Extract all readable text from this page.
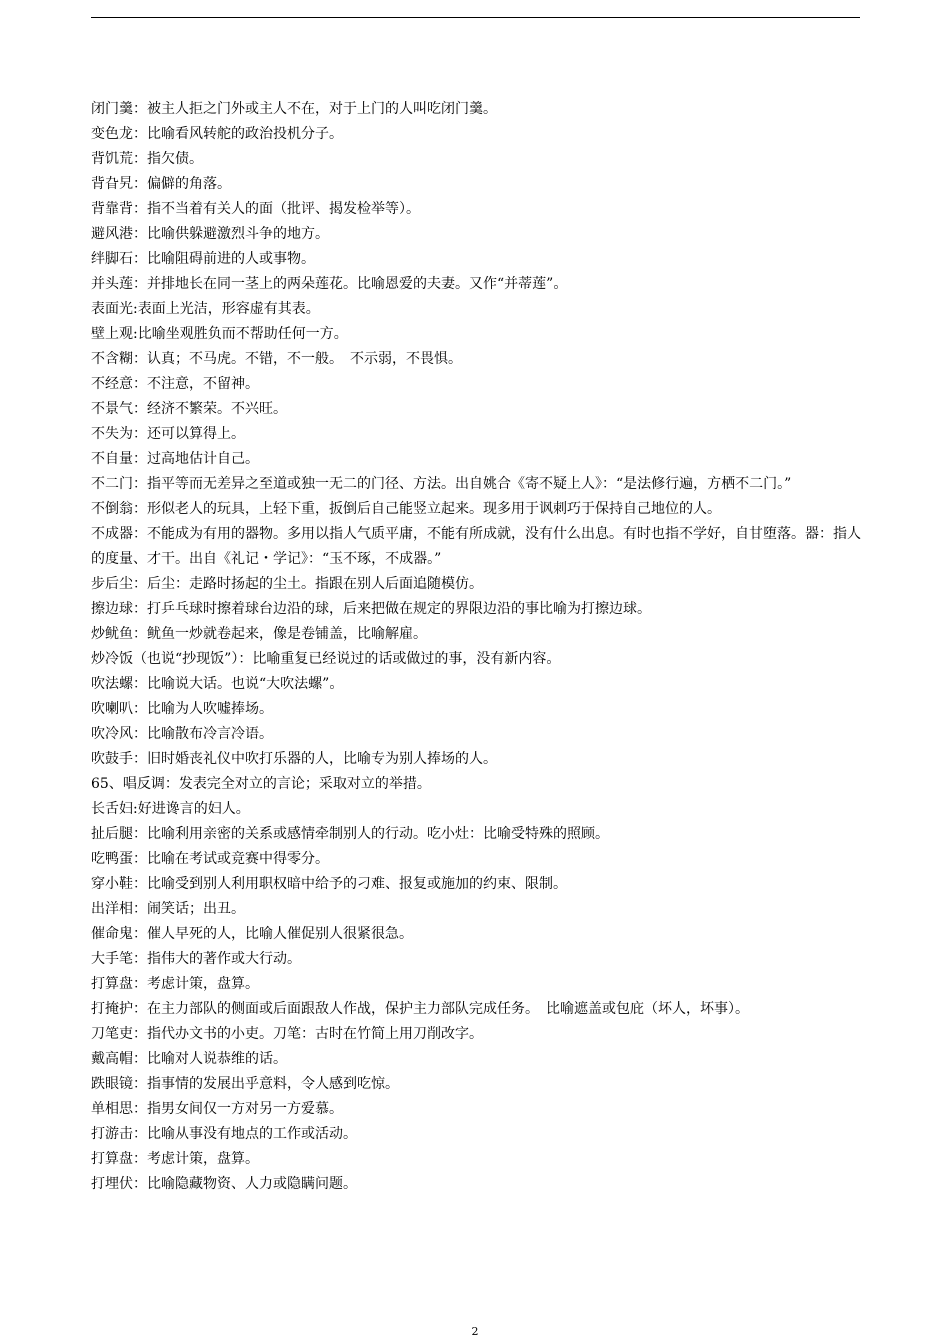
闭门羹：被主人拒之门外或主人不在，对于上门的人叫吃闭门羹。
变色龙：比喻看风转舵的政治投机分子。
背饥荒：指欠债。
背旮旯：偏僻的角落。
背靠背：指不当着有关人的面（批评、揭发检举等）。
避风港：比喻供躲避激烈斗争的地方。
绊脚石：比喻阻碍前进的人或事物。
并头莲：并排地长在同一茎上的两朵莲花。比喻恩爱的夫妻。又作“并蒂莲”。
表面光:表面上光洁，形容虚有其表。
壁上观:比喻坐观胜负而不帮助任何一方。
不含糊：认真；不马虎。不错，不一般。　不示弱，不畏惧。
不经意：不注意，不留神。
不景气：经济不繁荣。不兴旺。
不失为：还可以算得上。
不自量：过高地估计自己。
不二门：指平等而无差异之至道或独一无二的门径、方法。出自姚合《寄不疑上人》：“是法修行遍，方栖不二门。”
不倒翁：形似老人的玩具，上轻下重，扳倒后自己能竖立起来。现多用于讽刺巧于保持自己地位的人。
不成器：不能成为有用的器物。多用以指人气质平庸，不能有所成就，没有什么出息。有时也指不学好，自甘堕落。器：指人的度量、才干。出自《礼记・学记》：“玉不琢，不成器。”
步后尘：后尘：走路时扬起的尘土。指跟在别人后面追随模仿。
擦边球：打乒乓球时擦着球台边沿的球，后来把做在规定的界限边沿的事比喻为打擦边球。
炒鱿鱼：鱿鱼一炒就卷起来，像是卷铺盖，比喻解雇。
炒冷饭（也说“抄现饭”）：比喻重复已经说过的话或做过的事，没有新内容。
吹法螺：比喻说大话。也说“大吹法螺”。
吹喇叭：比喻为人吹嘘捧场。
吹冷风：比喻散布冷言冷语。
吹鼓手：旧时婚丧礼仪中吹打乐器的人，比喻专为别人捧场的人。
65、唱反调：发表完全对立的言论；采取对立的举措。
长舌妇:好进谗言的妇人。
扯后腿：比喻利用亲密的关系或感情牵制别人的行动。吃小灶：比喻受特殊的照顾。
吃鸭蛋：比喻在考试或竞赛中得零分。
穿小鞋：比喻受到别人利用职权暗中给予的刁难、报复或施加的约束、限制。
出洋相：闹笑话；出丑。
催命鬼：催人早死的人，比喻人催促别人很紧很急。
大手笔：指伟大的著作或大行动。
打算盘：考虑计策，盘算。
打掩护：在主力部队的侧面或后面跟敌人作战，保护主力部队完成任务。　比喻遮盖或包庇（坏人，坏事）。
刀笔吏：指代办文书的小吏。刀笔：古时在竹简上用刀削改字。
戴高帽：比喻对人说恭维的话。
跌眼镜：指事情的发展出乎意料，令人感到吃惊。
单相思：指男女间仅一方对另一方爱慕。
打游击：比喻从事没有地点的工作或活动。
打算盘：考虑计策，盘算。
打埋伏：比喻隐藏物资、人力或隐瞒问题。
2
